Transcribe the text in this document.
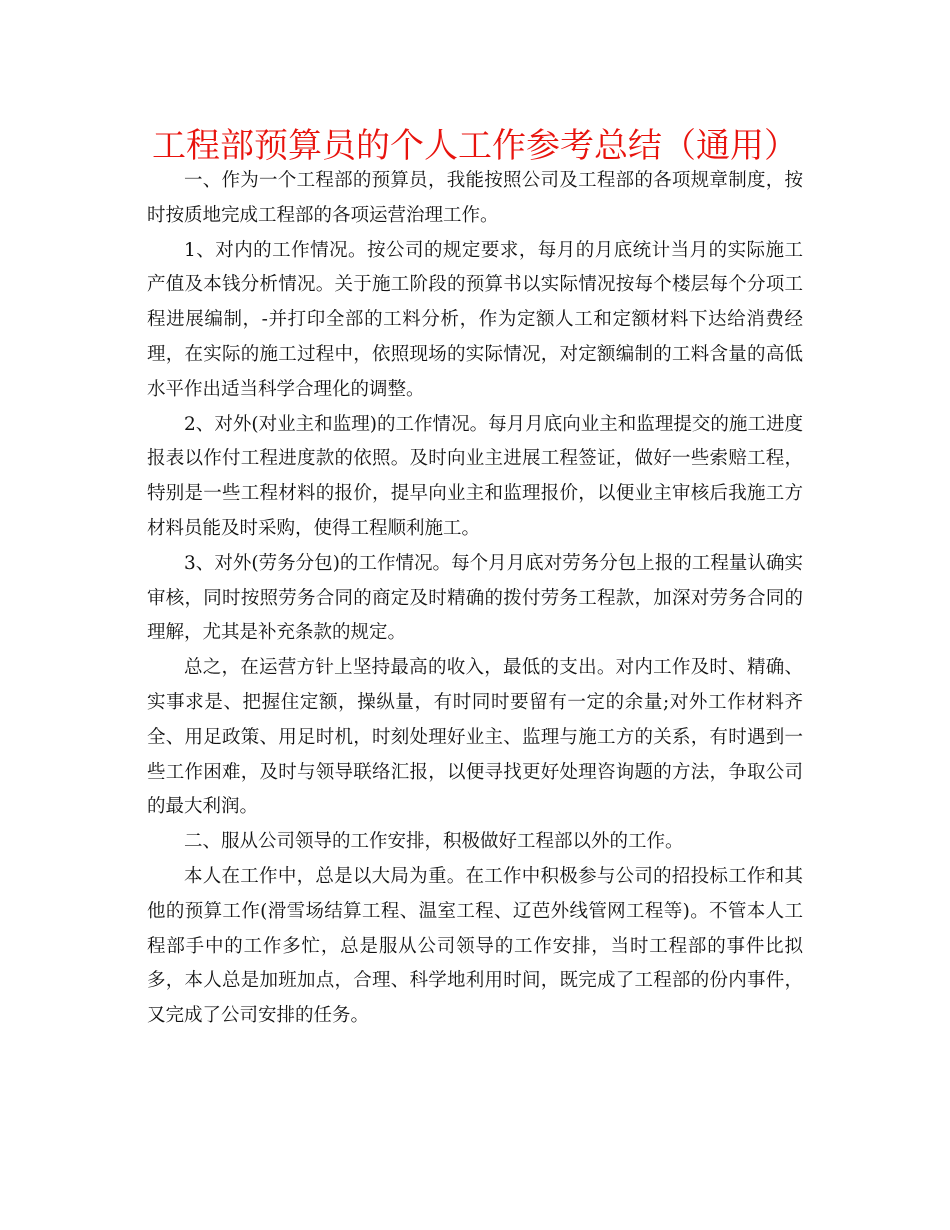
工程部预算员的个人工作参考总结（通用）

一、作为一个工程部的预算员，我能按照公司及工程部的各项规章制度，按时按质地完成工程部的各项运营治理工作。

1、对内的工作情况。按公司的规定要求，每月的月底统计当月的实际施工产值及本钱分析情况。关于施工阶段的预算书以实际情况按每个楼层每个分项工程进展编制，-并打印全部的工料分析，作为定额人工和定额材料下达给消费经理，在实际的施工过程中，依照现场的实际情况，对定额编制的工料含量的高低水平作出适当科学合理化的调整。

2、对外(对业主和监理)的工作情况。每月月底向业主和监理提交的施工进度报表以作付工程进度款的依照。及时向业主进展工程签证，做好一些索赔工程，特别是一些工程材料的报价，提早向业主和监理报价，以便业主审核后我施工方材料员能及时采购，使得工程顺利施工。

3、对外(劳务分包)的工作情况。每个月月底对劳务分包上报的工程量认确实审核，同时按照劳务合同的商定及时精确的拨付劳务工程款，加深对劳务合同的理解，尤其是补充条款的规定。

总之，在运营方针上坚持最高的收入，最低的支出。对内工作及时、精确、实事求是、把握住定额，操纵量，有时同时要留有一定的余量;对外工作材料齐全、用足政策、用足时机，时刻处理好业主、监理与施工方的关系，有时遇到一些工作困难，及时与领导联络汇报，以便寻找更好处理咨询题的方法，争取公司的最大利润。

二、服从公司领导的工作安排，积极做好工程部以外的工作。

本人在工作中，总是以大局为重。在工作中积极参与公司的招投标工作和其他的预算工作(滑雪场结算工程、温室工程、辽芭外线管网工程等)。不管本人工程部手中的工作多忙，总是服从公司领导的工作安排，当时工程部的事件比拟多，本人总是加班加点，合理、科学地利用时间，既完成了工程部的份内事件，又完成了公司安排的任务。
